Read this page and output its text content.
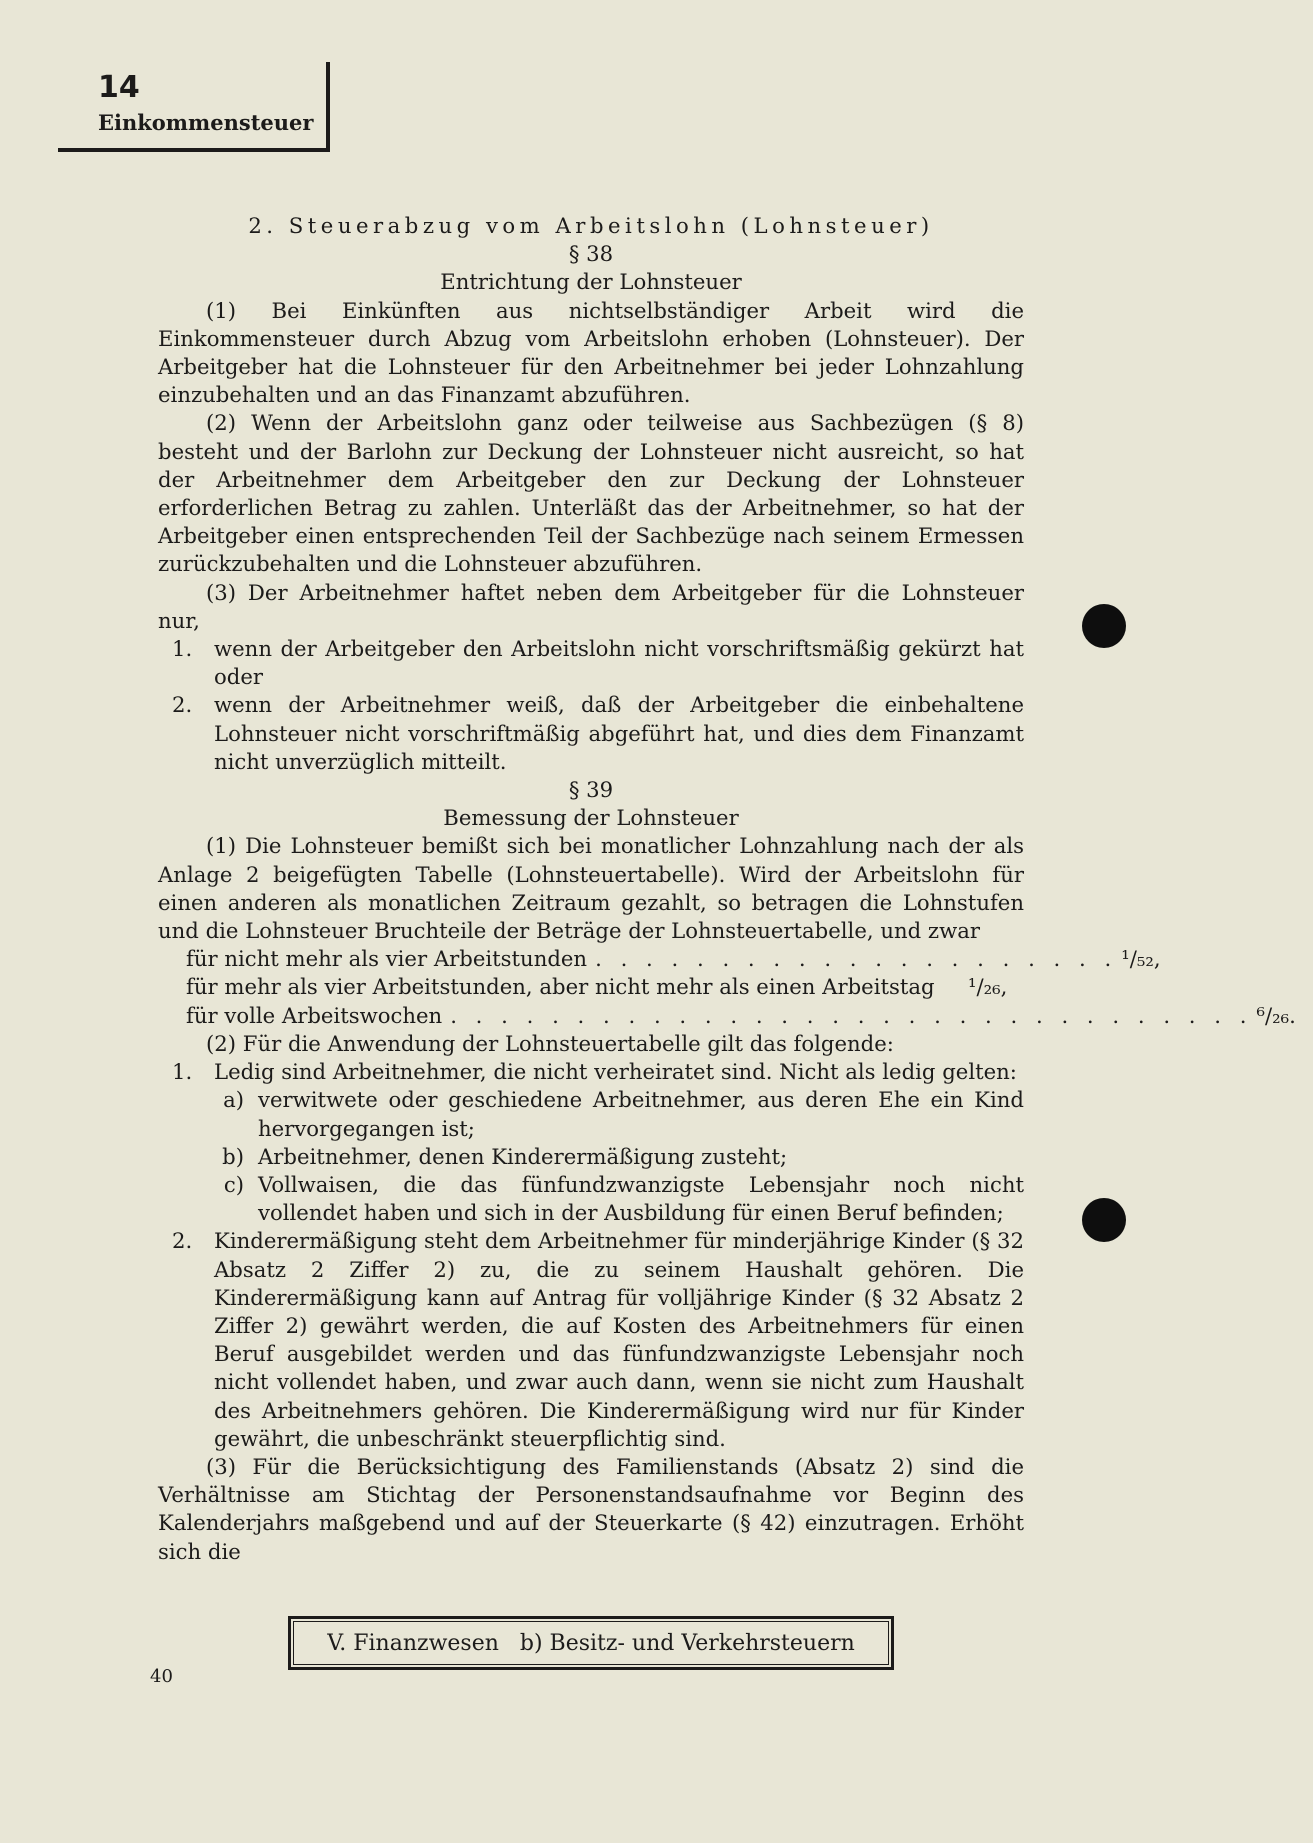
14
Einkommensteuer
2. Steuerabzug vom Arbeitslohn (Lohnsteuer)
§ 38
Entrichtung der Lohnsteuer

(1) Bei Einkünften aus nichtselbständiger Arbeit wird die Einkommensteuer durch Abzug vom Arbeitslohn erhoben (Lohnsteuer). Der Arbeitgeber hat die Lohnsteuer für den Arbeitnehmer bei jeder Lohnzahlung einzubehalten und an das Finanzamt abzuführen.

(2) Wenn der Arbeitslohn ganz oder teilweise aus Sachbezügen (§ 8) besteht und der Barlohn zur Deckung der Lohnsteuer nicht ausreicht, so hat der Arbeitnehmer dem Arbeitgeber den zur Deckung der Lohnsteuer erforderlichen Betrag zu zahlen. Unterläßt das der Arbeitnehmer, so hat der Arbeitgeber einen entsprechenden Teil der Sachbezüge nach seinem Ermessen zurückzubehalten und die Lohnsteuer abzuführen.

(3) Der Arbeitnehmer haftet neben dem Arbeitgeber für die Lohnsteuer nur,

1.	wenn der Arbeitgeber den Arbeitslohn nicht vorschriftsmäßig gekürzt hat oder
2.	wenn der Arbeitnehmer weiß, daß der Arbeitgeber die einbehaltene Lohnsteuer nicht vorschriftmäßig abgeführt hat, und dies dem Finanzamt nicht unverzüglich mitteilt.
§ 39
Bemessung der Lohnsteuer

(1) Die Lohnsteuer bemißt sich bei monatlicher Lohnzahlung nach der als Anlage 2 beigefügten Tabelle (Lohnsteuertabelle). Wird der Arbeitslohn für einen anderen als monatlichen Zeitraum gezahlt, so betragen die Lohnstufen und die Lohnsteuer Bruchteile der Beträge der Lohnsteuertabelle, und zwar

für nicht mehr als vier Arbeitstunden . . . . . . . . . . . . . . . . . . . . . ¹/₅₂,
für mehr als vier Arbeitstunden, aber nicht mehr als einen Arbeitstag ¹/₂₆,
für volle Arbeitswochen . . . . . . . . . . . . . . . . . . . . . . . . . . . . . . . . ⁶/₂₆.

(2) Für die Anwendung der Lohnsteuertabelle gilt das folgende:

1.	Ledig sind Arbeitnehmer, die nicht verheiratet sind. Nicht als ledig gelten:
a) verwitwete oder geschiedene Arbeitnehmer, aus deren Ehe ein Kind hervorgegangen ist;
b) Arbeitnehmer, denen Kinderermäßigung zusteht;
c) Vollwaisen, die das fünfundzwanzigste Lebensjahr noch nicht vollendet haben und sich in der Ausbildung für einen Beruf befinden;
2.	Kinderermäßigung steht dem Arbeitnehmer für minderjährige Kinder (§ 32 Absatz 2 Ziffer 2) zu, die zu seinem Haushalt gehören. Die Kinderermäßigung kann auf Antrag für volljährige Kinder (§ 32 Absatz 2 Ziffer 2) gewährt werden, die auf Kosten des Arbeitnehmers für einen Beruf ausgebildet werden und das fünfundzwanzigste Lebensjahr noch nicht vollendet haben, und zwar auch dann, wenn sie nicht zum Haushalt des Arbeitnehmers gehören. Die Kinderermäßigung wird nur für Kinder gewährt, die unbeschränkt steuerpflichtig sind.

(3) Für die Berücksichtigung des Familienstands (Absatz 2) sind die Verhältnisse am Stichtag der Personenstandsaufnahme vor Beginn des Kalenderjahrs maßgebend und auf der Steuerkarte (§ 42) einzutragen. Erhöht sich die

V. Finanzwesen   b) Besitz- und Verkehrsteuern
40
